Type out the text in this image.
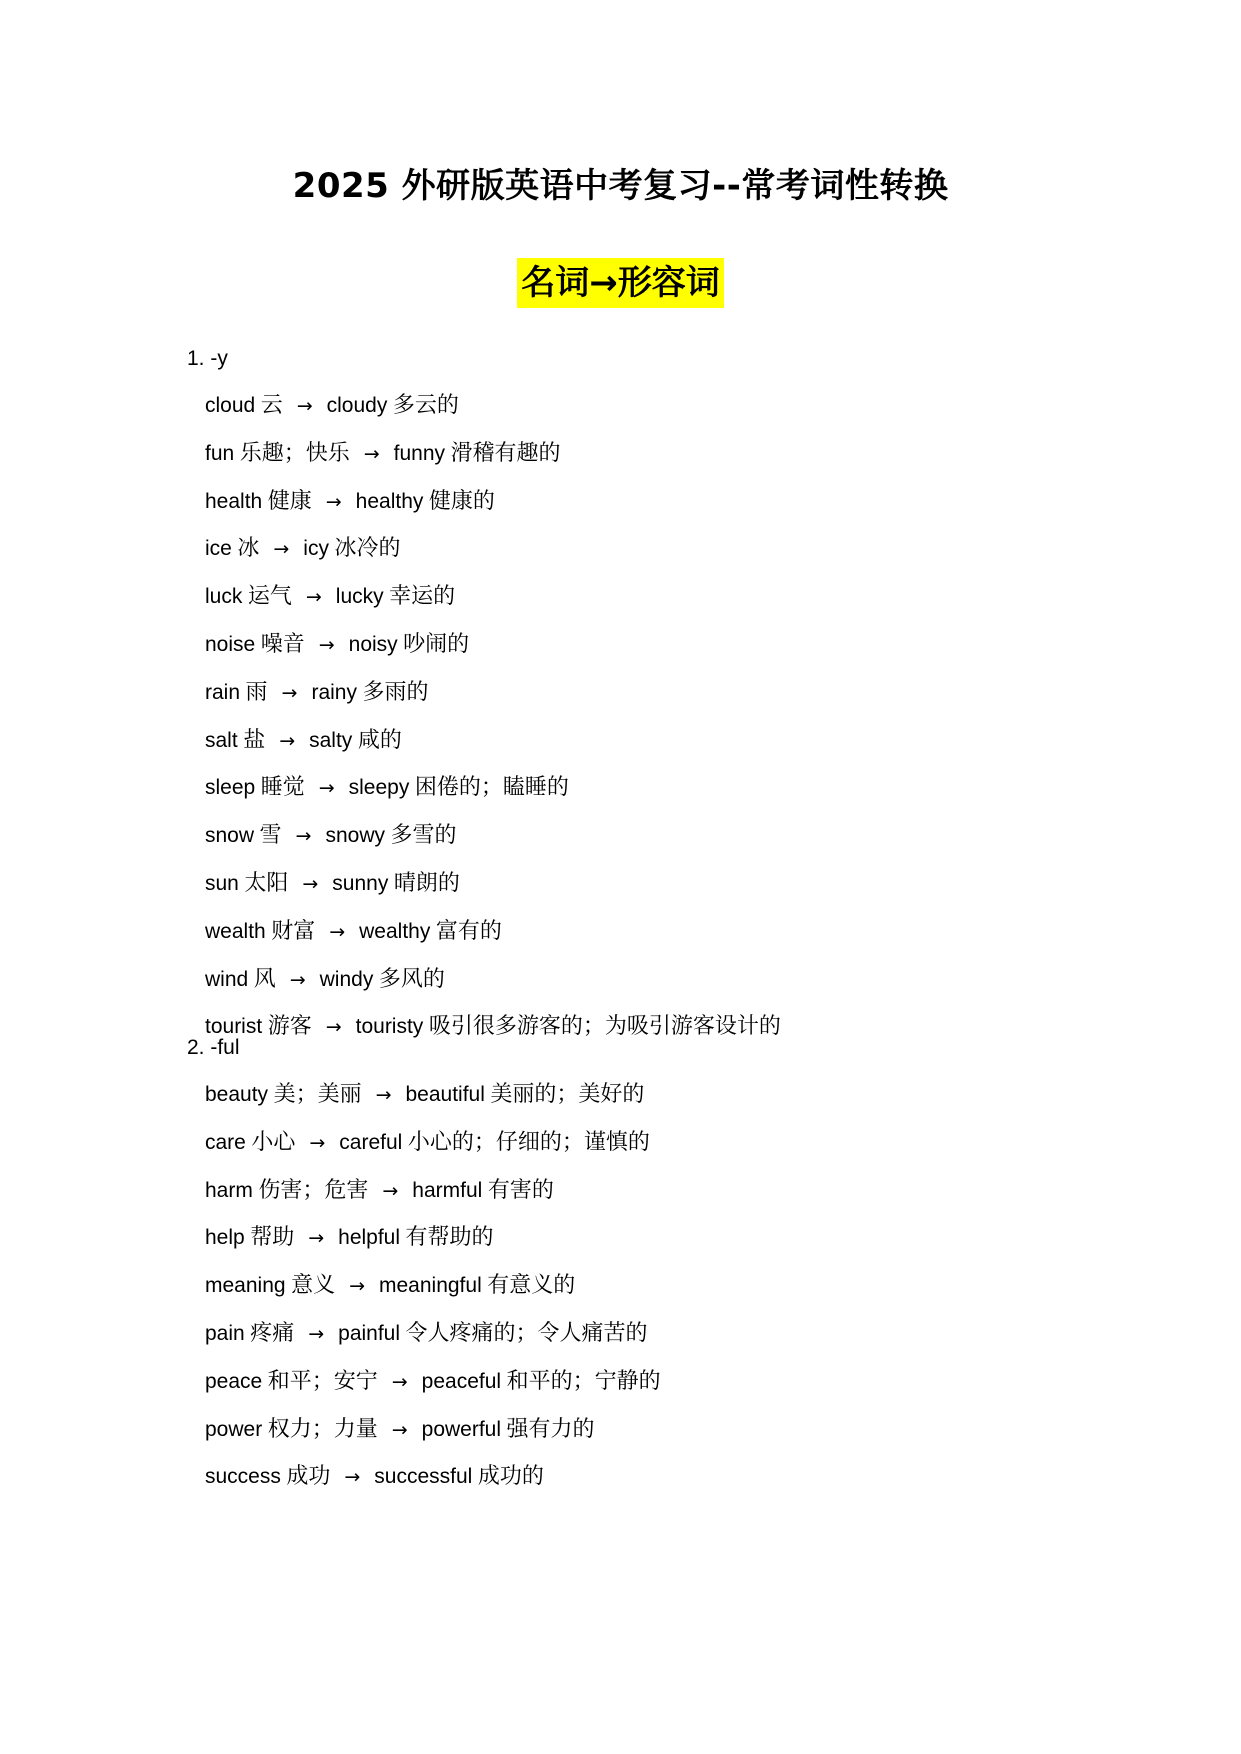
2025 外研版英语中考复习--常考词性转换
名词→形容词
1. -y
cloud 云 → cloudy 多云的
fun 乐趣；快乐 → funny 滑稽有趣的
health 健康 → healthy 健康的
ice 冰 → icy 冰冷的
luck 运气 → lucky 幸运的
noise 噪音 → noisy 吵闹的
rain 雨 → rainy 多雨的
salt 盐 → salty 咸的
sleep 睡觉 → sleepy 困倦的；瞌睡的
snow 雪 → snowy 多雪的
sun 太阳 → sunny 晴朗的
wealth 财富 → wealthy 富有的
wind 风 → windy 多风的
tourist 游客 → touristy 吸引很多游客的；为吸引游客设计的
2. -ful
beauty 美；美丽 → beautiful 美丽的；美好的
care 小心 → careful 小心的；仔细的；谨慎的
harm 伤害；危害 → harmful 有害的
help 帮助 → helpful 有帮助的
meaning 意义 → meaningful 有意义的
pain 疼痛 → painful 令人疼痛的；令人痛苦的
peace 和平；安宁 → peaceful 和平的；宁静的
power 权力；力量 → powerful 强有力的
success 成功 → successful 成功的
